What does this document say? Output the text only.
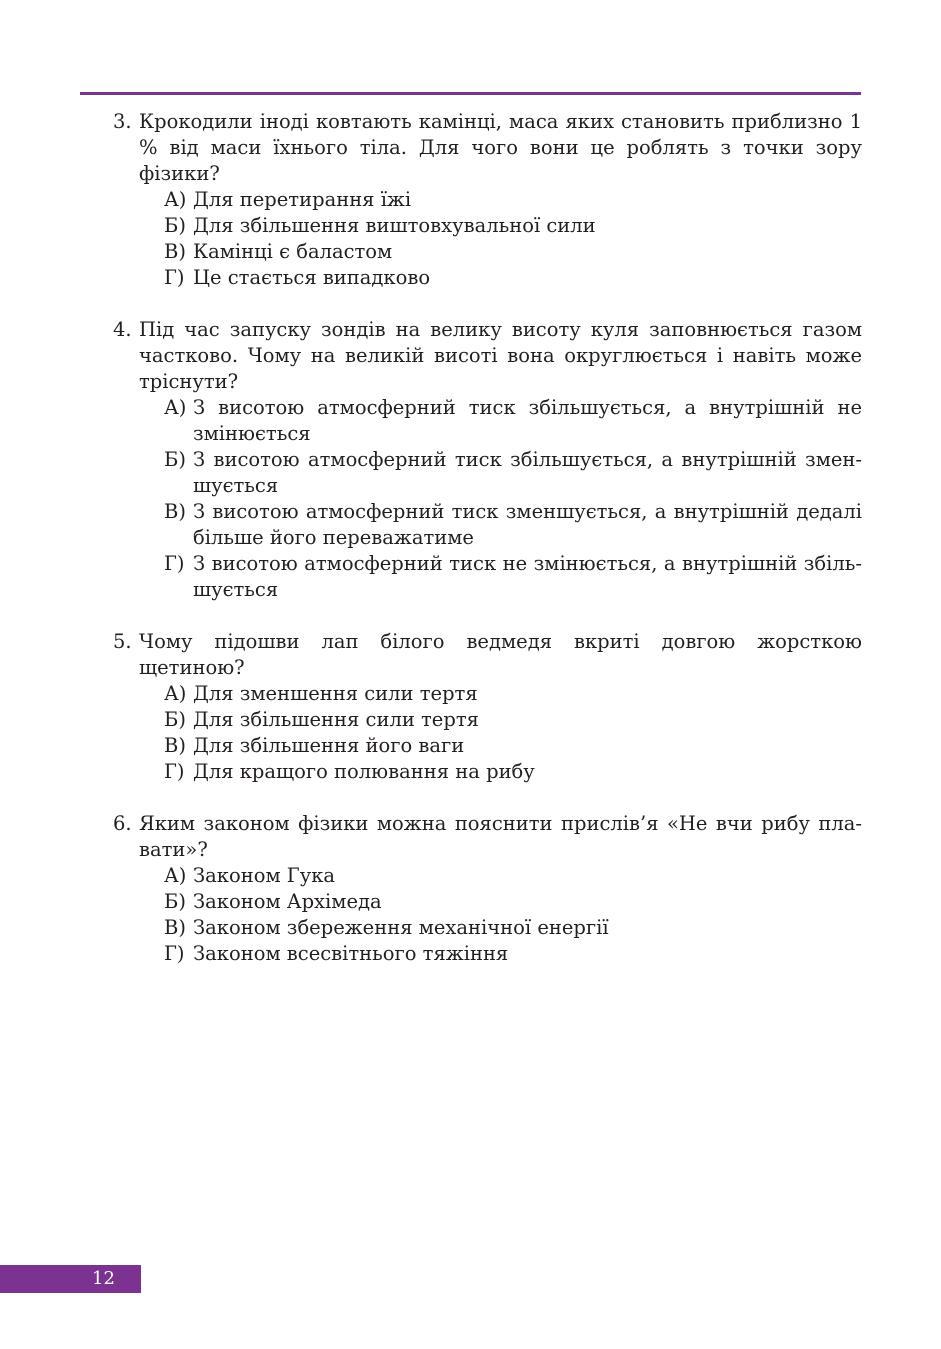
3. Крокодили іноді ковтають камінці, маса яких становить приблизно 1 % від маси їхнього тіла. Для чого вони це роблять з точки зору фізики?
А) Для перетирання їжі
Б) Для збільшення виштовхувальної сили
В) Камінці є баластом
Г) Це стається випадково
4. Під час запуску зондів на велику висоту куля заповнюється газом частково. Чому на великій висоті вона округлюється і навіть може тріснути?
А) З висотою атмосферний тиск збільшується, а внутрішній не змінюється
Б) З висотою атмосферний тиск збільшується, а внутрішній зменшується
В) З висотою атмосферний тиск зменшується, а внутрішній дедалі більше його переважатиме
Г) З висотою атмосферний тиск не змінюється, а внутрішній збільшується
5. Чому підошви лап білого ведмедя вкриті довгою жорсткою щетиною?
А) Для зменшення сили тертя
Б) Для збільшення сили тертя
В) Для збільшення його ваги
Г) Для кращого полювання на рибу
6. Яким законом фізики можна пояснити прислів’я «Не вчи рибу плавати»?
А) Законом Гука
Б) Законом Архімеда
В) Законом збереження механічної енергії
Г) Законом всесвітнього тяжіння
12
